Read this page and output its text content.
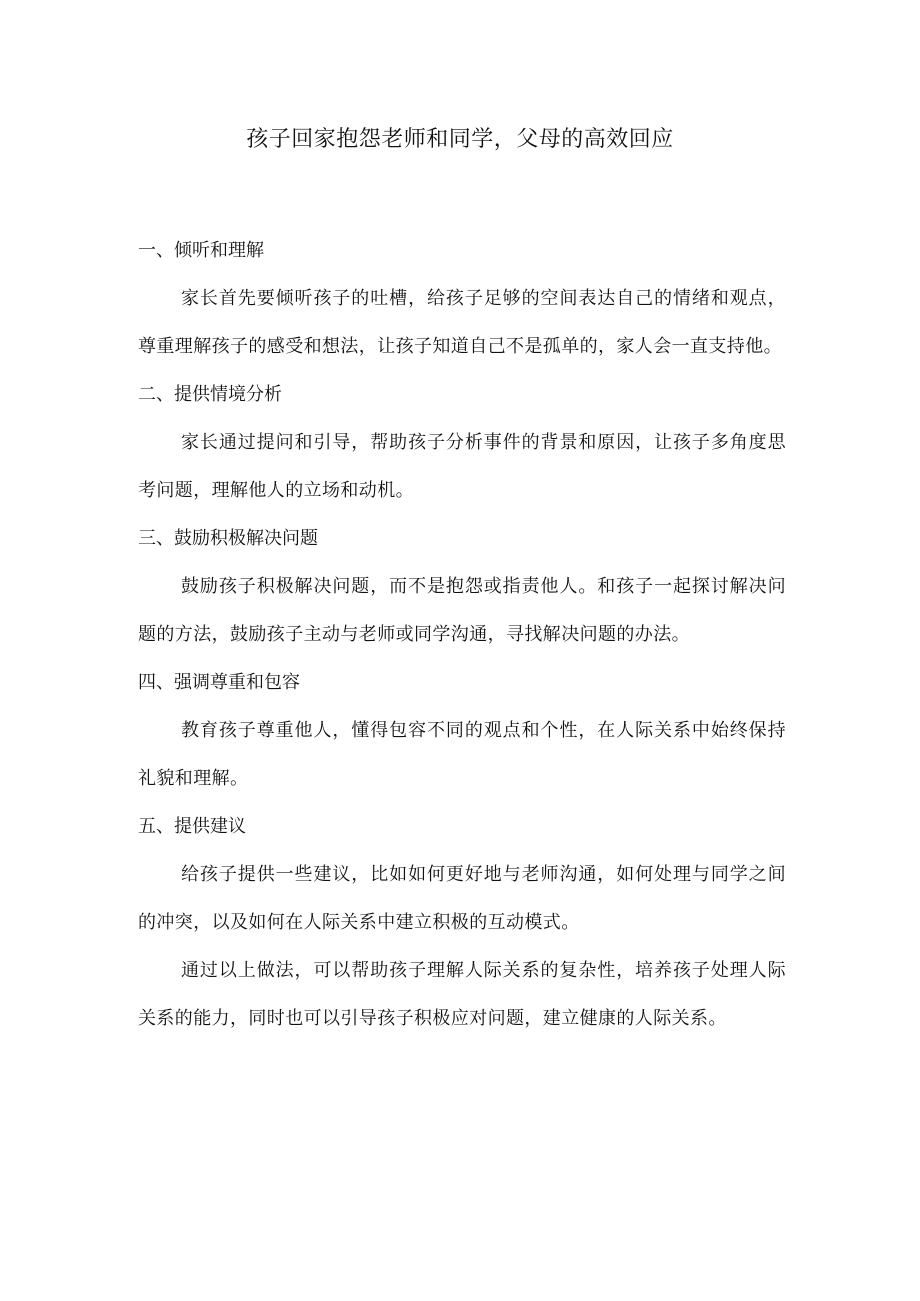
孩子回家抱怨老师和同学，父母的高效回应
一、倾听和理解
家长首先要倾听孩子的吐槽，给孩子足够的空间表达自己的情绪和观点，尊重理解孩子的感受和想法，让孩子知道自己不是孤单的，家人会一直支持他。
二、提供情境分析
家长通过提问和引导，帮助孩子分析事件的背景和原因，让孩子多角度思考问题，理解他人的立场和动机。
三、鼓励积极解决问题
鼓励孩子积极解决问题，而不是抱怨或指责他人。和孩子一起探讨解决问题的方法，鼓励孩子主动与老师或同学沟通，寻找解决问题的办法。
四、强调尊重和包容
教育孩子尊重他人，懂得包容不同的观点和个性，在人际关系中始终保持礼貌和理解。
五、提供建议
给孩子提供一些建议，比如如何更好地与老师沟通，如何处理与同学之间的冲突，以及如何在人际关系中建立积极的互动模式。
通过以上做法，可以帮助孩子理解人际关系的复杂性，培养孩子处理人际关系的能力，同时也可以引导孩子积极应对问题，建立健康的人际关系。
